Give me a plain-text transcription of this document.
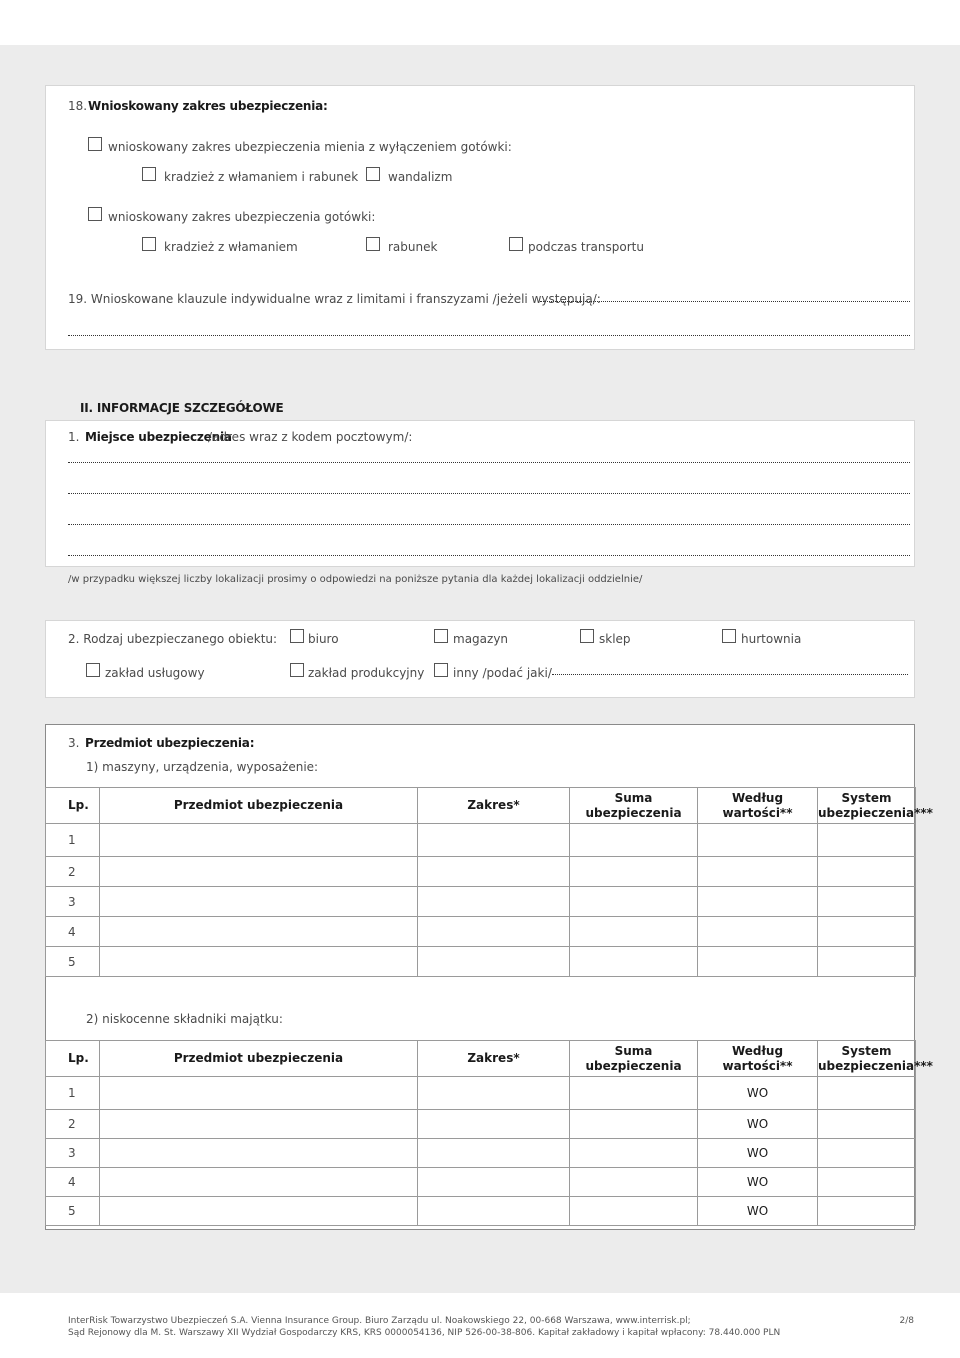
18. Wnioskowany zakres ubezpieczenia:
wnioskowany zakres ubezpieczenia mienia z wyłączeniem gotówki:
kradzież z włamaniem i rabunek wandalizm
wnioskowany zakres ubezpieczenia gotówki:
kradzież z włamaniem	rabunek	podczas transportu
19. Wnioskowane klauzule indywidualne wraz z limitami i franszyzami /jeżeli występują/:
II. INFORMACJE SZCZEGÓŁOWE
1. Miejsce ubezpieczenia
/adres wraz z kodem pocztowym/:
/w przypadku większej liczby lokalizacji prosimy o odpowiedzi na poniższe pytania dla każdej lokalizacji oddzielnie/
2. Rodzaj ubezpieczanego obiektu:	biuro	magazyn	sklep	hurtownia
zakład usługowy	zakład produkcyjny inny /podać jaki/
3. Przedmiot ubezpieczenia:
1) maszyny, urządzenia, wyposażenie:
Lp.	Przedmiot ubezpieczenia	Zakres*	Suma ubezpieczenia	Według wartości**	System ubezpieczenia***
1					
2					
3					
4					
5					
2) niskocenne składniki majątku:
Lp.	Przedmiot ubezpieczenia	Zakres*	Suma ubezpieczenia	Według wartości**	System ubezpieczenia***
1				WO	
2				WO	
3				WO	
4				WO	
5				WO	
InterRisk Towarzystwo Ubezpieczeń S.A. Vienna Insurance Group. Biuro Zarządu ul. Noakowskiego 22, 00-668 Warszawa, www.interrisk.pl;
Sąd Rejonowy dla M. St. Warszawy XII Wydział Gospodarczy KRS, KRS 0000054136, NIP 526-00-38-806. Kapitał zakładowy i kapitał wpłacony: 78.440.000 PLN
2/8
